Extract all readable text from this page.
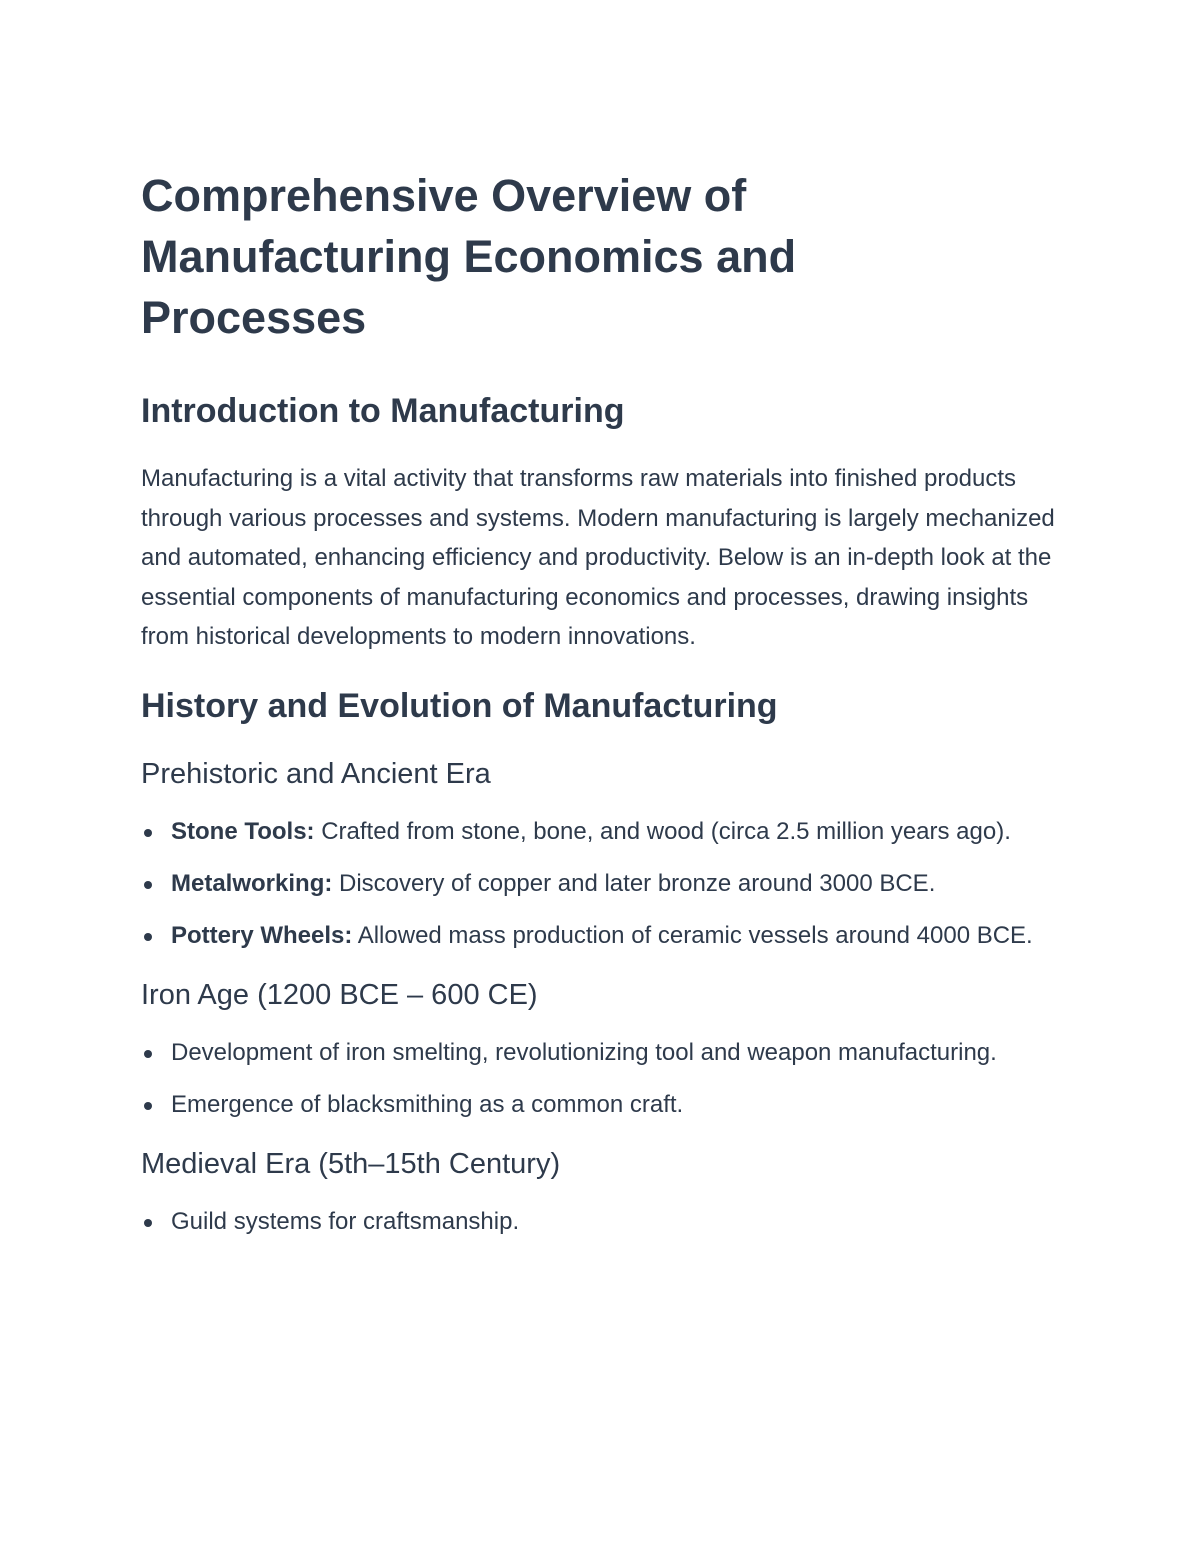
Comprehensive Overview of Manufacturing Economics and Processes
Introduction to Manufacturing

Manufacturing is a vital activity that transforms raw materials into finished products through various processes and systems. Modern manufacturing is largely mechanized and automated, enhancing efficiency and productivity. Below is an in-depth look at the essential components of manufacturing economics and processes, drawing insights from historical developments to modern innovations.

History and Evolution of Manufacturing
Prehistoric and Ancient Era
Stone Tools: Crafted from stone, bone, and wood (circa 2.5 million years ago).
Metalworking: Discovery of copper and later bronze around 3000 BCE.
Pottery Wheels: Allowed mass production of ceramic vessels around 4000 BCE.
Iron Age (1200 BCE – 600 CE)
Development of iron smelting, revolutionizing tool and weapon manufacturing.
Emergence of blacksmithing as a common craft.
Medieval Era (5th–15th Century)
Guild systems for craftsmanship.
